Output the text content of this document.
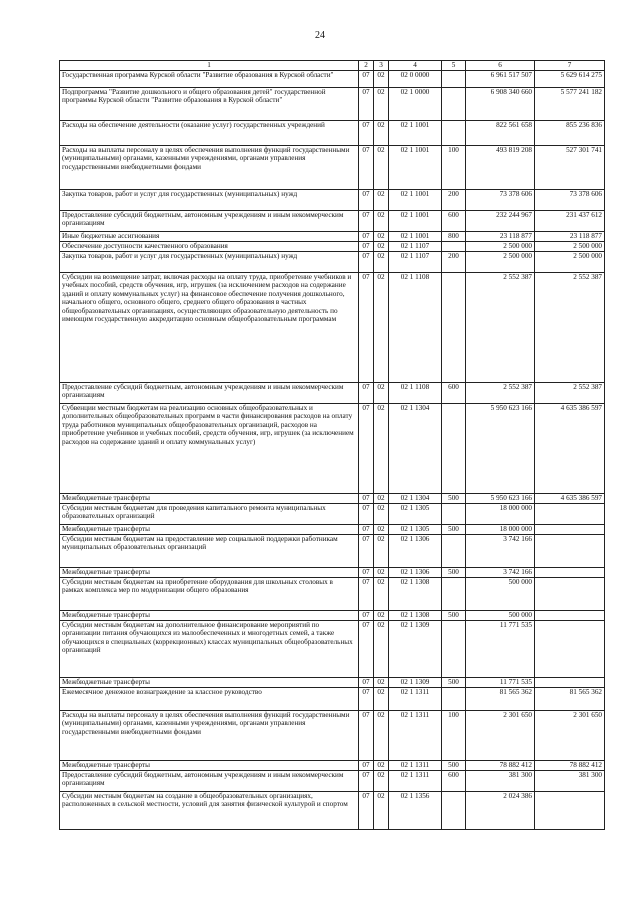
24
1	2	3	4	5	6	7
Государственная программа Курской области "Развитие образования в Курской области"	07	02	02 0 0000		6 961 517 507	5 629 614 275
Подпрограмма "Развитие дошкольного и общего образования детей" государственной программы Курской области "Развитие образования в Курской области"	07	02	02 1 0000		6 908 340 660	5 577 241 182
Расходы на обеспечение деятельности (оказание услуг) государственных учреждений	07	02	02 1 1001		822 561 658	855 236 836
Расходы на выплаты персоналу в целях обеспечения выполнения функций государственными (муниципальными) органами, казенными учреждениями, органами управления государственными внебюджетными фондами	07	02	02 1 1001	100	493 819 208	527 301 741
Закупка товаров, работ и услуг для государственных (муниципальных) нужд	07	02	02 1 1001	200	73 378 606	73 378 606
Предоставление субсидий бюджетным, автономным учреждениям и иным некоммерческим организациям	07	02	02 1 1001	600	232 244 967	231 437 612
Иные бюджетные ассигнования	07	02	02 1 1001	800	23 118 877	23 118 877
Обеспечение доступности качественного образования	07	02	02 1 1107		2 500 000	2 500 000
Закупка товаров, работ и услуг для государственных (муниципальных) нужд	07	02	02 1 1107	200	2 500 000	2 500 000
Субсидии на возмещение затрат, включая расходы на оплату труда, приобретение учебников и учебных пособий, средств обучения, игр, игрушек (за исключением расходов на содержание зданий и оплату коммунальных услуг) на финансовое обеспечение получения дошкольного, начального общего, основного общего, среднего общего образования в частных общеобразовательных организациях, осуществляющих образовательную деятельность по имеющим государственную аккредитацию основным общеобразовательным программам	07	02	02 1 1108		2 552 387	2 552 387
Предоставление субсидий бюджетным, автономным учреждениям и иным некоммерческим организациям	07	02	02 1 1108	600	2 552 387	2 552 387
Субвенции местным бюджетам на реализацию основных общеобразовательных и дополнительных общеобразовательных программ в части финансирования расходов на оплату труда работников муниципальных общеобразовательных организаций, расходов на приобретение учебников и учебных пособий, средств обучения, игр, игрушек (за исключением расходов на содержание зданий и оплату коммунальных услуг)	07	02	02 1 1304		5 950 623 166	4 635 386 597
Межбюджетные трансферты	07	02	02 1 1304	500	5 950 623 166	4 635 386 597
Субсидии местным бюджетам для проведения капитального ремонта муниципальных образовательных организаций	07	02	02 1 1305		18 000 000	
Межбюджетные трансферты	07	02	02 1 1305	500	18 000 000	
Субсидии местным бюджетам на предоставление мер социальной поддержки работникам муниципальных образовательных организаций	07	02	02 1 1306		3 742 166	
Межбюджетные трансферты	07	02	02 1 1306	500	3 742 166	
Субсидии местным бюджетам на приобретение оборудования для школьных столовых в рамках комплекса мер по модернизации общего образования	07	02	02 1 1308		500 000	
Межбюджетные трансферты	07	02	02 1 1308	500	500 000	
Субсидии местным бюджетам на дополнительное финансирование мероприятий по организации питания обучающихся из малообеспеченных и многодетных семей, а также обучающихся в специальных (коррекционных) классах муниципальных общеобразовательных организаций	07	02	02 1 1309		11 771 535	
Межбюджетные трансферты	07	02	02 1 1309	500	11 771 535	
Ежемесячное денежное вознаграждение за классное руководство	07	02	02 1 1311		81 565 362	81 565 362
Расходы на выплаты персоналу в целях обеспечения выполнения функций государственными (муниципальными) органами, казенными учреждениями, органами управления государственными внебюджетными фондами	07	02	02 1 1311	100	2 301 650	2 301 650
Межбюджетные трансферты	07	02	02 1 1311	500	78 882 412	78 882 412
Предоставление субсидий бюджетным, автономным учреждениям и иным некоммерческим организациям	07	02	02 1 1311	600	381 300	381 300
Субсидии местным бюджетам на создание в общеобразовательных организациях, расположенных в сельской местности, условий для занятия физической культурой и спортом	07	02	02 1 1356		2 024 386	
